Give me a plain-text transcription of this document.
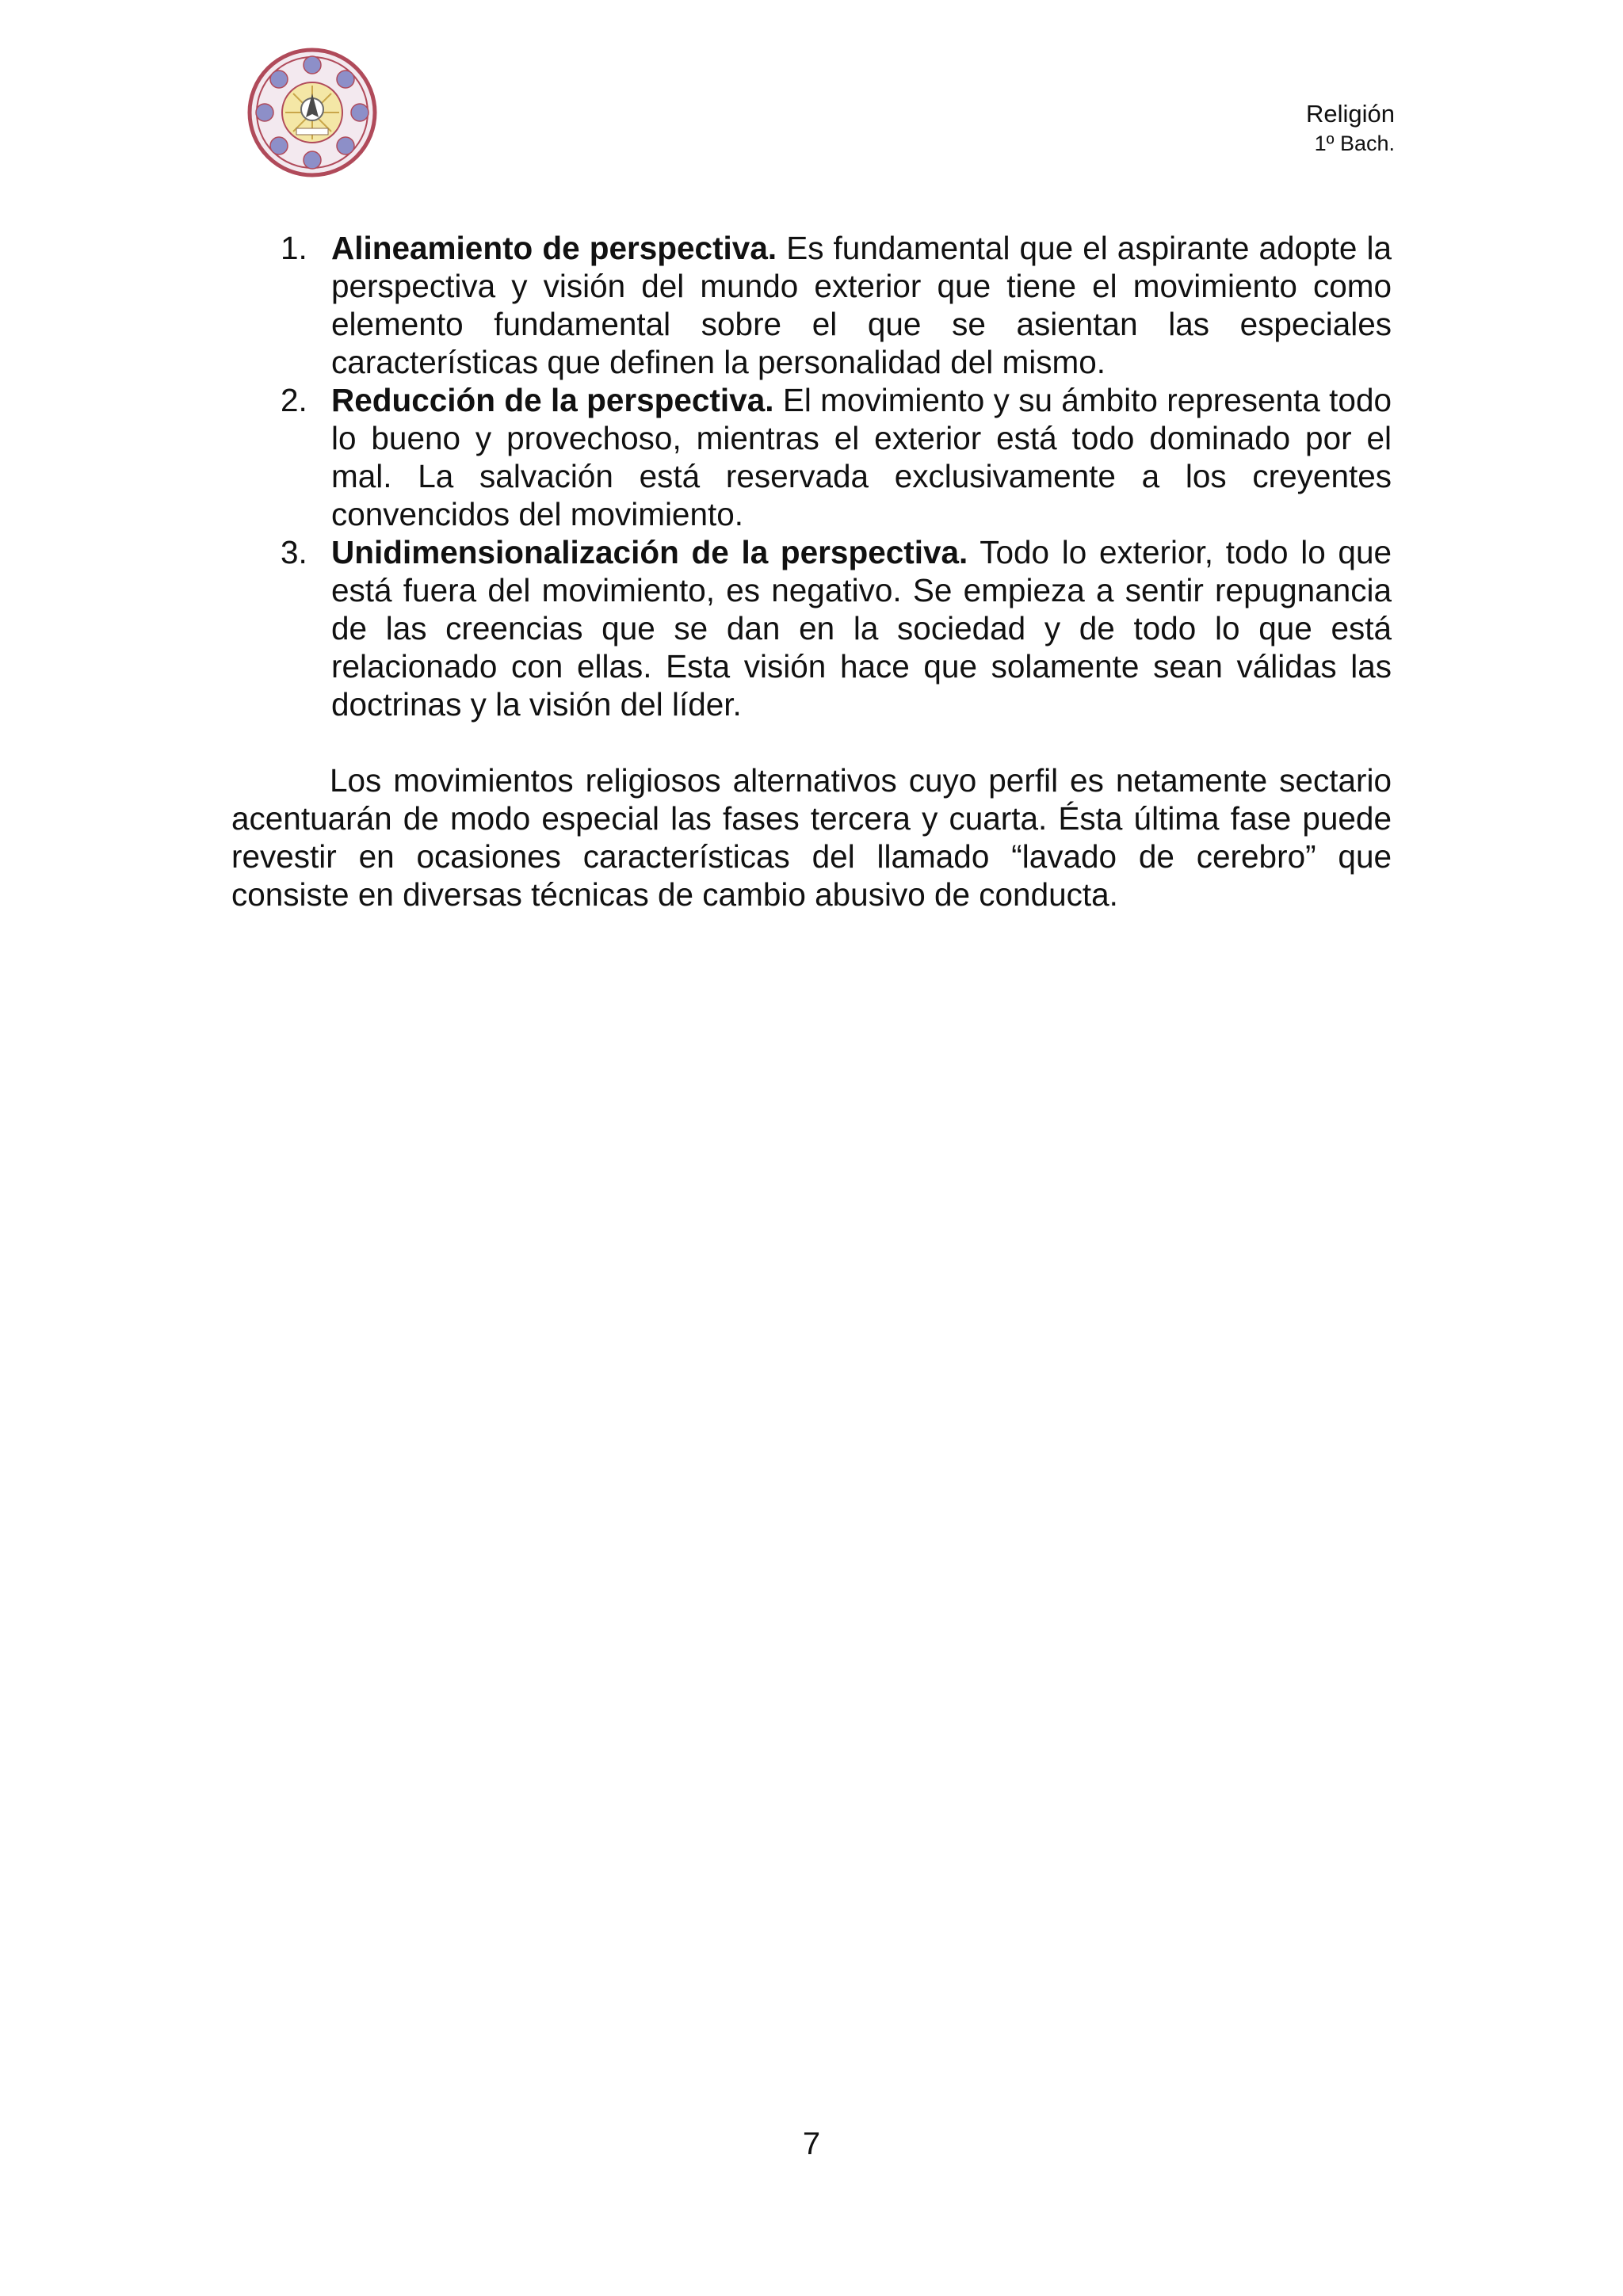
Religión
1º Bach.
1. Alineamiento de perspectiva. Es fundamental que el aspirante adopte la perspectiva y visión del mundo exterior que tiene el movimiento como elemento fundamental sobre el que se asientan las especiales características que definen la personalidad del mismo.
2. Reducción de la perspectiva. El movimiento y su ámbito representa todo lo bueno y provechoso, mientras el exterior está todo dominado por el mal. La salvación está reservada exclusivamente a los creyentes convencidos del movimiento.
3. Unidimensionalización de la perspectiva. Todo lo exterior, todo lo que está fuera del movimiento, es negativo. Se empieza a sentir repugnancia de las creencias que se dan en la sociedad y de todo lo que está relacionado con ellas. Esta visión hace que solamente sean válidas las doctrinas y la visión del líder.

Los movimientos religiosos alternativos cuyo perfil es netamente sectario acentuarán de modo especial las fases tercera y cuarta. Ésta última fase puede revestir en ocasiones características del llamado “lavado de cerebro” que consiste en diversas técnicas de cambio abusivo de conducta.

7
